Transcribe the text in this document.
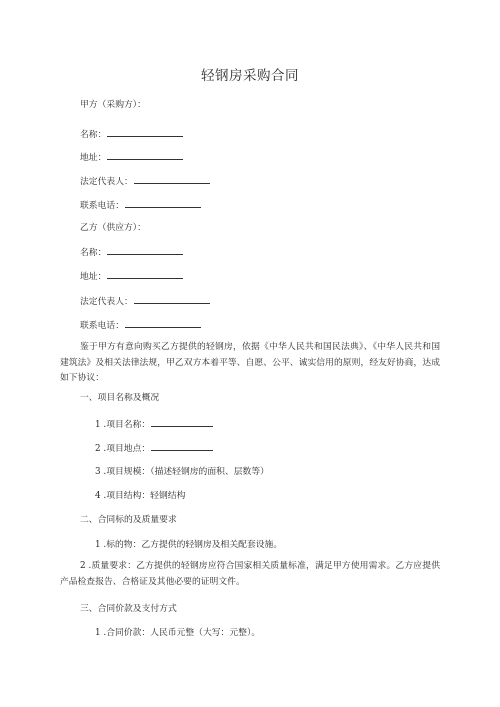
轻钢房采购合同
甲方（采购方）：
名称：
地址：
法定代表人：
联系电话：
乙方（供应方）：
名称：
地址：
法定代表人：
联系电话：
鉴于甲方有意向购买乙方提供的轻钢房，依据《中华人民共和国民法典》、《中华人民共和国建筑法》及相关法律法规，甲乙双方本着平等、自愿、公平、诚实信用的原则，经友好协商，达成如下协议：
一、项目名称及概况
1 .项目名称：
2 .项目地点：
3 .项目规模：（描述轻钢房的面积、层数等）
4 .项目结构：轻钢结构
二、合同标的及质量要求
1 .标的物：乙方提供的轻钢房及相关配套设施。
2 .质量要求：乙方提供的轻钢房应符合国家相关质量标准，满足甲方使用需求。乙方应提供产品检查报告、合格证及其他必要的证明文件。
三、合同价款及支付方式
1 .合同价款：人民币元整（大写：元整）。
